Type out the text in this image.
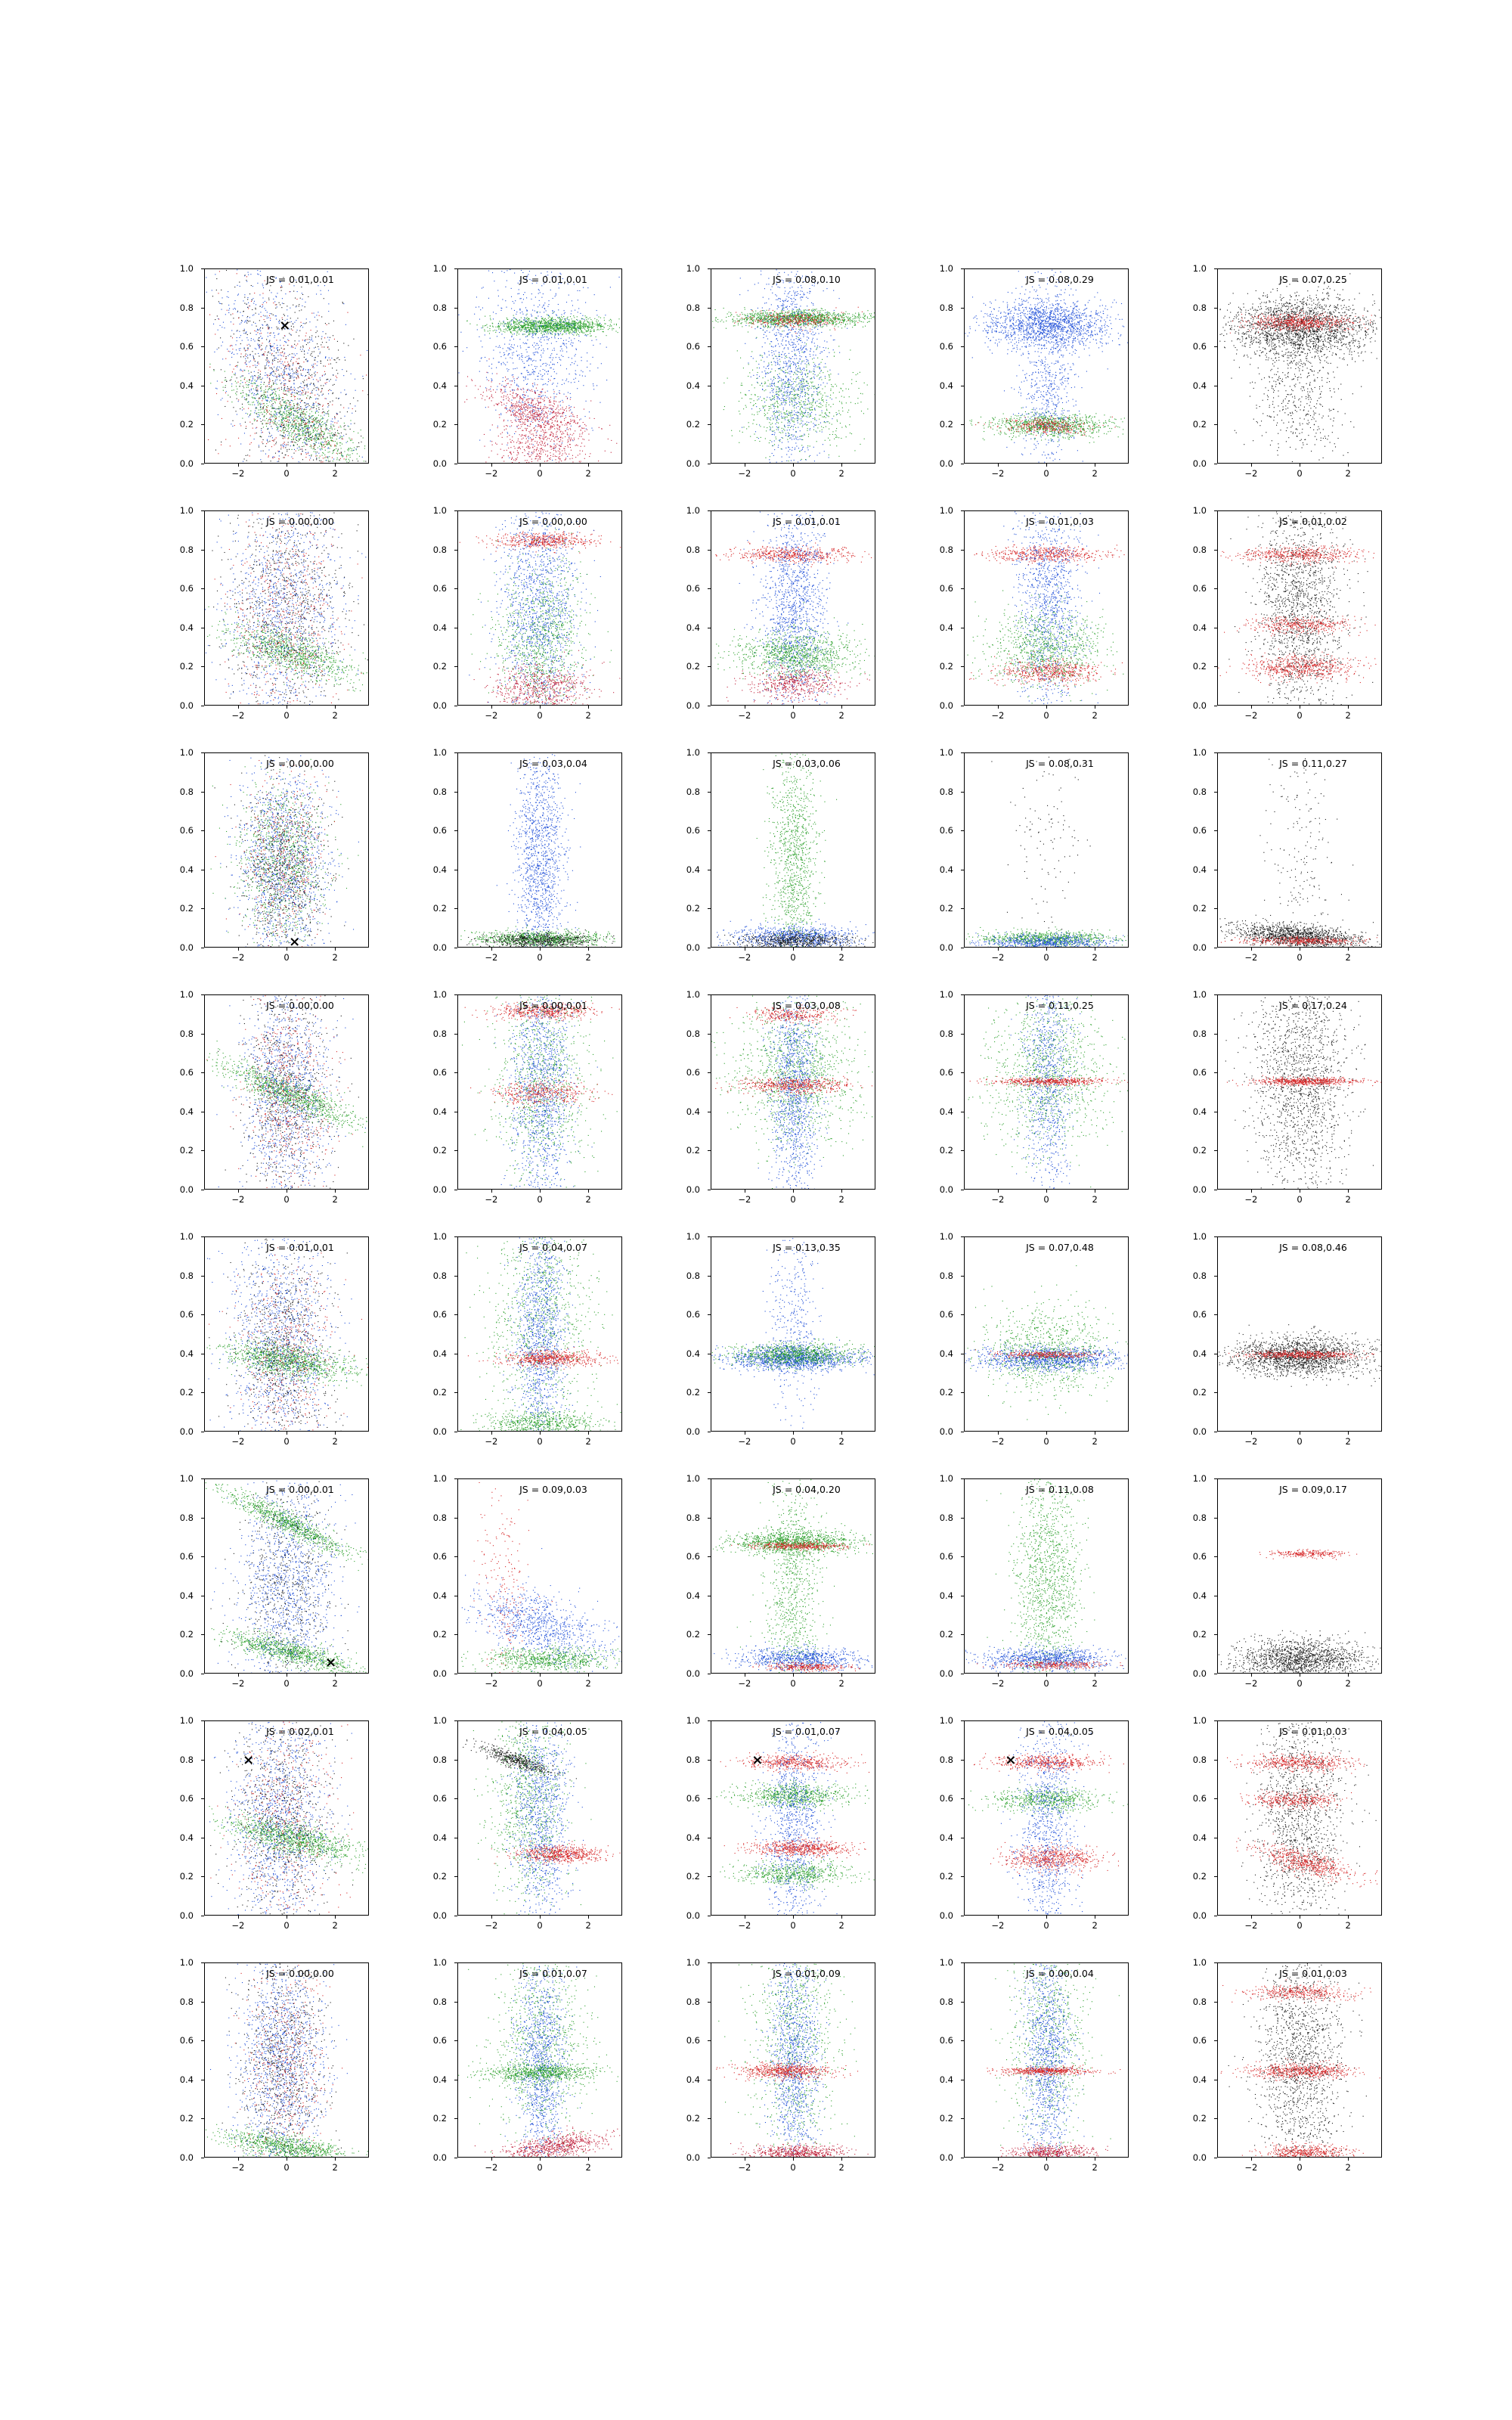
0.0
0.2
0.4
0.6
0.8
1.0
−2	0	2
JS = 0.01,0.01
×
0.0
0.2
0.4
0.6
0.8
1.0
−2	0	2
JS = 0.01,0.01
0.0
0.2
0.4
0.6
0.8
1.0
−2	0	2
JS = 0.08,0.10
0.0
0.2
0.4
0.6
0.8
1.0
−2	0	2
JS = 0.08,0.29
0.0
0.2
0.4
0.6
0.8
1.0
−2	0	2
JS = 0.07,0.25
0.0
0.2
0.4
0.6
0.8
1.0
−2	0	2
JS = 0.00,0.00
0.0
0.2
0.4
0.6
0.8
1.0
−2	0	2
JS = 0.00,0.00
0.0
0.2
0.4
0.6
0.8
1.0
−2	0	2
JS = 0.01,0.01
0.0
0.2
0.4
0.6
0.8
1.0
−2	0	2
JS = 0.01,0.03
0.0
0.2
0.4
0.6
0.8
1.0
−2	0	2
JS = 0.01,0.02
0.0
0.2
0.4
0.6
0.8
1.0
−2	0	2
JS = 0.00,0.00
×	0.0
0.2
0.4
0.6
0.8
1.0
−2	0	2
JS = 0.03,0.04
0.0
0.2
0.4
0.6
0.8
1.0
−2	0	2
JS = 0.03,0.06
0.0
0.2
0.4
0.6
0.8
1.0
−2	0	2
JS = 0.08,0.31
0.0
0.2
0.4
0.6
0.8
1.0
−2	0	2
JS = 0.11,0.27
0.0
0.2
0.4
0.6
0.8
1.0
−2	0	2
JS = 0.00,0.00
0.0
0.2
0.4
0.6
0.8
1.0
−2	0	2
JS = 0.00,0.01
0.0
0.2
0.4
0.6
0.8
1.0
−2	0	2
JS = 0.03,0.08
0.0
0.2
0.4
0.6
0.8
1.0
−2	0	2
JS = 0.11,0.25
0.0
0.2
0.4
0.6
0.8
1.0
−2	0	2
JS = 0.17,0.24
0.0
0.2
0.4
0.6
0.8
1.0
−2	0	2
JS = 0.01,0.01
0.0
0.2
0.4
0.6
0.8
1.0
−2	0	2
JS = 0.04,0.07
0.0
0.2
0.4
0.6
0.8
1.0
−2	0	2
JS = 0.13,0.35
0.0
0.2
0.4
0.6
0.8
1.0
−2	0	2
JS = 0.07,0.48
0.0
0.2
0.4
0.6
0.8
1.0
−2	0	2
JS = 0.08,0.46
0.0
0.2
0.4
0.6
0.8
1.0
−2	0	2
JS = 0.00,0.01
×
0.0
0.2
0.4
0.6
0.8
1.0
−2	0	2
JS = 0.09,0.03
0.0
0.2
0.4
0.6
0.8
1.0
−2	0	2
JS = 0.04,0.20
0.0
0.2
0.4
0.6
0.8
1.0
−2	0	2
JS = 0.11,0.08
0.0
0.2
0.4
0.6
0.8
1.0
−2	0	2
JS = 0.09,0.17
0.0
0.2
0.4
0.6
0.8
1.0
−2	0	2
JS = 0.02,0.01
×
0.0
0.2
0.4
0.6
0.8
1.0
−2	0	2
JS = 0.04,0.05
0.0
0.2
0.4
0.6
0.8
1.0
−2	0	2
JS = 0.01,0.07
×
0.0
0.2
0.4
0.6
0.8
1.0
−2	0	2
JS = 0.04,0.05
×
0.0
0.2
0.4
0.6
0.8
1.0
−2	0	2
JS = 0.01,0.03
0.0
0.2
0.4
0.6
0.8
1.0
−2	0	2
JS = 0.00,0.00
0.0
0.2
0.4
0.6
0.8
1.0
−2	0	2
JS = 0.01,0.07
0.0
0.2
0.4
0.6
0.8
1.0
−2	0	2
JS = 0.01,0.09
0.0
0.2
0.4
0.6
0.8
1.0
−2	0	2
JS = 0.00,0.04
0.0
0.2
0.4
0.6
0.8
1.0
−2	0	2
JS = 0.01,0.03
